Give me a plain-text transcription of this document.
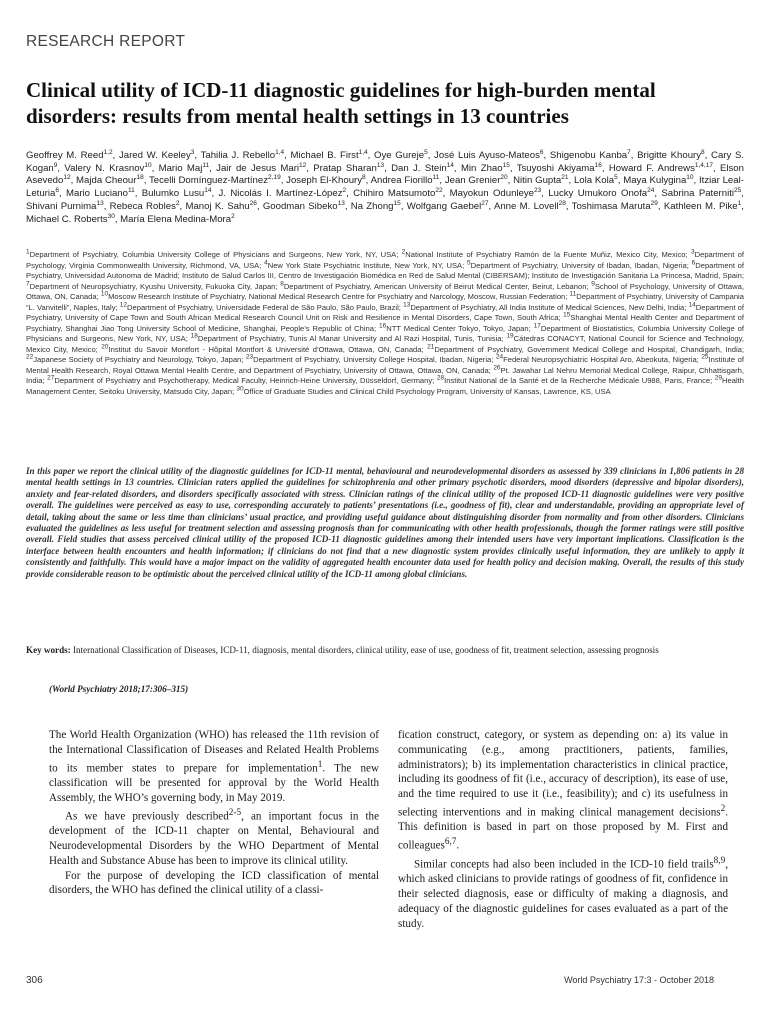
RESEARCH REPORT
Clinical utility of ICD-11 diagnostic guidelines for high-burden mental disorders: results from mental health settings in 13 countries
Geoffrey M. Reed$^{1,2}$, Jared W. Keeley$^3$, Tahilia J. Rebello$^{1,4}$, Michael B. First$^{1,4}$, Oye Gureje$^5$, José Luis Ayuso-Mateos$^6$, Shigenobu Kanba$^7$, Brigitte Khoury$^8$, Cary S. Kogan$^9$, Valery N. Krasnov$^{10}$, Mario Maj$^{11}$, Jair de Jesus Mari$^{12}$, Pratap Sharan$^{13}$, Dan J. Stein$^{14}$, Min Zhao$^{15}$, Tsuyoshi Akiyama$^{16}$, Howard F. Andrews$^{1,4,17}$, Elson Asevedo$^{12}$, Majda Cheour$^{18}$, Tecelli Domínguez-Martínez$^{2,19}$, Joseph El-Khoury$^8$, Andrea Fiorillo$^{11}$, Jean Grenier$^{20}$, Nitin Gupta$^{21}$, Lola Kola$^5$, Maya Kulygina$^{10}$, Itziar Leal-Leturia$^6$, Mario Luciano$^{11}$, Bulumko Lusu$^{14}$, J. Nicolás I. Martínez-López$^2$, Chihiro Matsumoto$^{22}$, Mayokun Odunleye$^{23}$, Lucky Umukoro Onofa$^{24}$, Sabrina Paterniti$^{25}$, Shivani Purnima$^{13}$, Rebeca Robles$^2$, Manoj K. Sahu$^{26}$, Goodman Sibeko$^{13}$, Na Zhong$^{15}$, Wolfgang Gaebel$^{27}$, Anne M. Lovell$^{28}$, Toshimasa Maruta$^{29}$, Kathleen M. Pike$^1$, Michael C. Roberts$^{30}$, María Elena Medina-Mora$^2$
$^1$Department of Psychiatry, Columbia University College of Physicians and Surgeons, New York, NY, USA; $^2$National Institute of Psychiatry Ramón de la Fuente Muñiz, Mexico City, Mexico; $^3$Department of Psychology, Virginia Commonwealth University, Richmond, VA, USA; $^4$New York State Psychiatric Institute, New York, NY, USA; $^5$Department of Psychiatry, University of Ibadan, Ibadan, Nigeria; $^6$Department of Psychiatry, Universidad Autonoma de Madrid; Instituto de Salud Carlos III, Centro de Investigación Biomédica en Red de Salud Mental (CIBERSAM); Instituto de Investigación Sanitaria La Princesa, Madrid, Spain; $^7$Department of Neuropsychiatry, Kyushu University, Fukuoka City, Japan; $^8$Department of Psychiatry, American University of Beirut Medical Center, Beirut, Lebanon; $^9$School of Psychology, University of Ottawa, Ottawa, ON, Canada; $^{10}$Moscow Research Institute of Psychiatry, National Medical Research Centre for Psychiatry and Narcology, Moscow, Russian Federation; $^{11}$Department of Psychiatry, University of Campania “L. Vanvitelli”, Naples, Italy; $^{12}$Department of Psychiatry, Universidade Federal de São Paulo, São Paulo, Brazil; $^{13}$Department of Psychiatry, All India Institute of Medical Sciences, New Delhi, India; $^{14}$Department of Psychiatry, University of Cape Town and South African Medical Research Council Unit on Risk and Resilience in Mental Disorders, Cape Town, South Africa; $^{15}$Shanghai Mental Health Center and Department of Psychiatry, Shanghai Jiao Tong University School of Medicine, Shanghai, People’s Republic of China; $^{16}$NTT Medical Center Tokyo, Tokyo, Japan; $^{17}$Department of Biostatistics, Columbia University College of Physicians and Surgeons, New York, NY, USA; $^{18}$Department of Psychiatry, Tunis Al Manar University and Al Razi Hospital, Tunis, Tunisia; $^{19}$Cátedras CONACYT, National Council for Science and Technology, Mexico City, Mexico; $^{20}$Institut du Savoir Montfort - Hôpital Montfort & Université d’Ottawa, Ottawa, ON, Canada; $^{21}$Department of Psychiatry, Government Medical College and Hospital, Chandigarh, India; $^{22}$Japanese Society of Psychiatry and Neurology, Tokyo, Japan; $^{23}$Department of Psychiatry, University College Hospital, Ibadan, Nigeria; $^{24}$Federal Neuropsychiatric Hospital Aro, Abeokuta, Nigeria; $^{25}$Institute of Mental Health Research, Royal Ottawa Mental Health Centre, and Department of Psychiatry, University of Ottawa, Ottawa, ON, Canada; $^{26}$Pt. Jawahar Lal Nehru Memorial Medical College, Raipur, Chhattisgarh, India; $^{27}$Department of Psychiatry and Psychotherapy, Medical Faculty, Heinrich-Heine University, Düsseldorf, Germany; $^{28}$Institut National de la Santé et de la Recherche Médicale U988, Paris, France; $^{29}$Health Management Center, Seitoku University, Matsudo City, Japan; $^{30}$Office of Graduate Studies and Clinical Child Psychology Program, University of Kansas, Lawrence, KS, USA

In this paper we report the clinical utility of the diagnostic guidelines for ICD-11 mental, behavioural and neurodevelopmental disorders as assessed by 339 clinicians in 1,806 patients in 28 mental health settings in 13 countries. Clinician raters applied the guidelines for schizophrenia and other primary psychotic disorders, mood disorders (depressive and bipolar disorders), anxiety and fear-related disorders, and disorders specifically associated with stress. Clinician ratings of the clinical utility of the proposed ICD-11 diagnostic guidelines were very positive overall. The guidelines were perceived as easy to use, corresponding accurately to patients’ presentations (i.e., goodness of fit), clear and understandable, providing an appropriate level of detail, taking about the same or less time than clinicians’ usual practice, and providing useful guidance about distinguishing disorder from normality and from other disorders. Clinicians evaluated the guidelines as less useful for treatment selection and assessing prognosis than for communicating with other health professionals, though the former ratings were still positive overall. Field studies that assess perceived clinical utility of the proposed ICD-11 diagnostic guidelines among their intended users have very important implications. Classification is the interface between health encounters and health information; if clinicians do not find that a new diagnostic system provides clinically useful information, they are unlikely to apply it consistently and faithfully. This would have a major impact on the validity of aggregated health encounter data used for health policy and decision making. Overall, the results of this study provide considerable reason to be optimistic about the perceived clinical utility of the ICD-11 among global clinicians.

Key words: International Classification of Diseases, ICD-11, diagnosis, mental disorders, clinical utility, ease of use, goodness of fit, treatment selection, assessing prognosis

(World Psychiatry 2018;17:306–315)

The World Health Organization (WHO) has released the 11th revision of the International Classification of Diseases and Related Health Problems to its member states to prepare for implementation$^1$. The new classification will be presented for approval by the World Health Assembly, the WHO’s governing body, in May 2019.

As we have previously described$^{2-5}$, an important focus in the development of the ICD-11 chapter on Mental, Behavioural and Neurodevelopmental Disorders by the WHO Department of Mental Health and Substance Abuse has been to improve its clinical utility.

For the purpose of developing the ICD classification of mental disorders, the WHO has defined the clinical utility of a classi-

fication construct, category, or system as depending on: a) its value in communicating (e.g., among practitioners, patients, families, administrators); b) its implementation characteristics in clinical practice, including its goodness of fit (i.e., accuracy of description), its ease of use, and the time required to use it (i.e., feasibility); and c) its usefulness in selecting interventions and in making clinical management decisions$^2$. This definition is based in part on those proposed by M. First and colleagues$^{6,7}$.

Similar concepts had also been included in the ICD-10 field trails$^{8,9}$, which asked clinicians to provide ratings of goodness of fit, confidence in their selected diagnosis, ease or difficulty of making a diagnosis, and adequacy of the diagnostic guidelines for cases evaluated as a part of the study.

306	World Psychiatry 17:3 - October 2018
